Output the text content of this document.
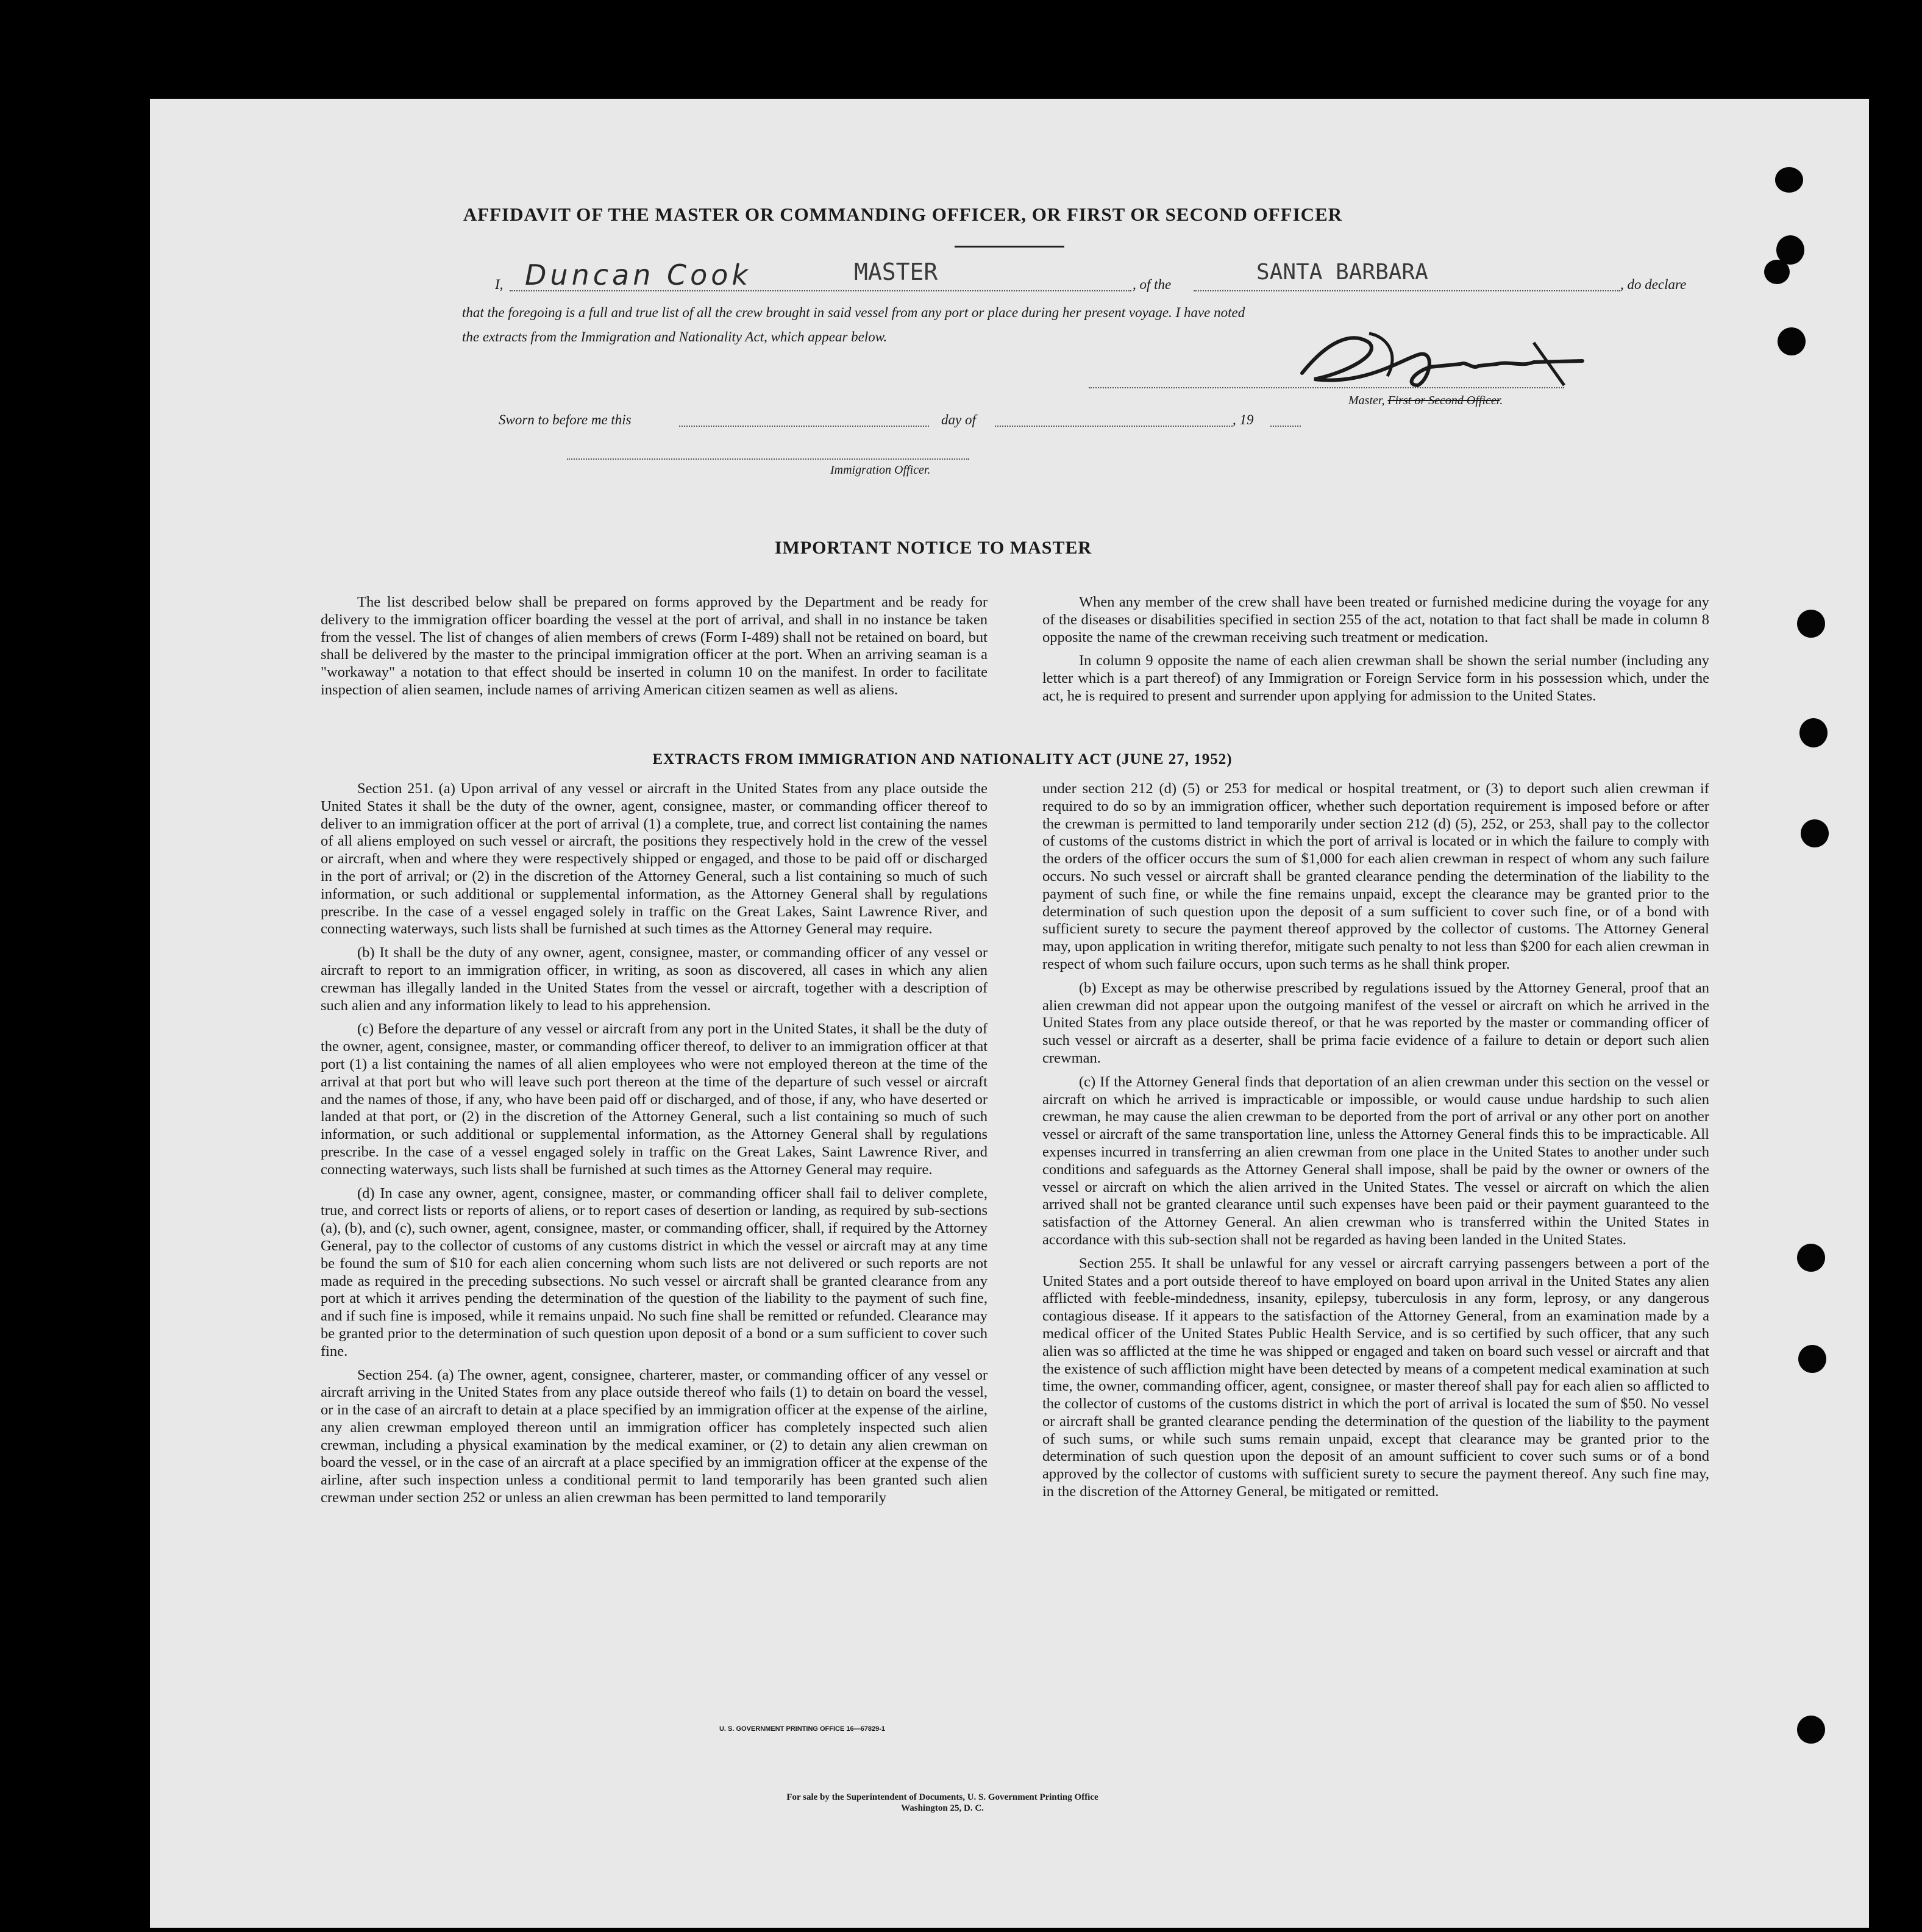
AFFIDAVIT OF THE MASTER OR COMMANDING OFFICER, OR FIRST OR SECOND OFFICER
I, Duncan Cook	MASTER	, of the	SANTA BARBARA	, do declare
that the foregoing is a full and true list of all the crew brought in said vessel from any port or place during her present voyage. I have noted
the extracts from the Immigration and Nationality Act, which appear below.
Master, First or Second Officer.
Sworn to before me this	day of	, 19
Immigration Officer.
IMPORTANT NOTICE TO MASTER

The list described below shall be prepared on forms approved by the Department and be ready for delivery to the immigration officer boarding the vessel at the port of arrival, and shall in no instance be taken from the vessel. The list of changes of alien members of crews (Form I-489) shall not be retained on board, but shall be delivered by the master to the principal immigration officer at the port. When an arriving seaman is a "workaway" a notation to that effect should be inserted in column 10 on the manifest. In order to facilitate inspection of alien seamen, include names of arriving American citizen seamen as well as aliens.

When any member of the crew shall have been treated or furnished medicine during the voyage for any of the diseases or disabilities specified in section 255 of the act, notation to that fact shall be made in column 8 opposite the name of the crewman receiving such treatment or medication.

In column 9 opposite the name of each alien crewman shall be shown the serial number (including any letter which is a part thereof) of any Immigration or Foreign Service form in his possession which, under the act, he is required to present and surrender upon applying for admission to the United States.

EXTRACTS FROM IMMIGRATION AND NATIONALITY ACT (JUNE 27, 1952)

Section 251. (a) Upon arrival of any vessel or aircraft in the United States from any place outside the United States it shall be the duty of the owner, agent, consignee, master, or commanding officer thereof to deliver to an immigration officer at the port of arrival (1) a complete, true, and correct list containing the names of all aliens employed on such vessel or aircraft, the positions they respectively hold in the crew of the vessel or aircraft, when and where they were respectively shipped or engaged, and those to be paid off or discharged in the port of arrival; or (2) in the discretion of the Attorney General, such a list containing so much of such information, or such additional or supplemental information, as the Attorney General shall by regulations prescribe. In the case of a vessel engaged solely in traffic on the Great Lakes, Saint Lawrence River, and connecting waterways, such lists shall be furnished at such times as the Attorney General may require.

(b) It shall be the duty of any owner, agent, consignee, master, or commanding officer of any vessel or aircraft to report to an immigration officer, in writing, as soon as discovered, all cases in which any alien crewman has illegally landed in the United States from the vessel or aircraft, together with a description of such alien and any information likely to lead to his apprehension.

(c) Before the departure of any vessel or aircraft from any port in the United States, it shall be the duty of the owner, agent, consignee, master, or commanding officer thereof, to deliver to an immigration officer at that port (1) a list containing the names of all alien employees who were not employed thereon at the time of the arrival at that port but who will leave such port thereon at the time of the departure of such vessel or aircraft and the names of those, if any, who have been paid off or discharged, and of those, if any, who have deserted or landed at that port, or (2) in the discretion of the Attorney General, such a list containing so much of such information, or such additional or supplemental information, as the Attorney General shall by regulations prescribe. In the case of a vessel engaged solely in traffic on the Great Lakes, Saint Lawrence River, and connecting waterways, such lists shall be furnished at such times as the Attorney General may require.

(d) In case any owner, agent, consignee, master, or commanding officer shall fail to deliver complete, true, and correct lists or reports of aliens, or to report cases of desertion or landing, as required by sub-sections (a), (b), and (c), such owner, agent, consignee, master, or commanding officer, shall, if required by the Attorney General, pay to the collector of customs of any customs district in which the vessel or aircraft may at any time be found the sum of $10 for each alien concerning whom such lists are not delivered or such reports are not made as required in the preceding subsections. No such vessel or aircraft shall be granted clearance from any port at which it arrives pending the determination of the question of the liability to the payment of such fine, and if such fine is imposed, while it remains unpaid. No such fine shall be remitted or refunded. Clearance may be granted prior to the determination of such question upon deposit of a bond or a sum sufficient to cover such fine.

Section 254. (a) The owner, agent, consignee, charterer, master, or commanding officer of any vessel or aircraft arriving in the United States from any place outside thereof who fails (1) to detain on board the vessel, or in the case of an aircraft to detain at a place specified by an immigration officer at the expense of the airline, any alien crewman employed thereon until an immigration officer has completely inspected such alien crewman, including a physical examination by the medical examiner, or (2) to detain any alien crewman on board the vessel, or in the case of an aircraft at a place specified by an immigration officer at the expense of the airline, after such inspection unless a conditional permit to land temporarily has been granted such alien crewman under section 252 or unless an alien crewman has been permitted to land temporarily

under section 212 (d) (5) or 253 for medical or hospital treatment, or (3) to deport such alien crewman if required to do so by an immigration officer, whether such deportation requirement is imposed before or after the crewman is permitted to land temporarily under section 212 (d) (5), 252, or 253, shall pay to the collector of customs of the customs district in which the port of arrival is located or in which the failure to comply with the orders of the officer occurs the sum of $1,000 for each alien crewman in respect of whom any such failure occurs. No such vessel or aircraft shall be granted clearance pending the determination of the liability to the payment of such fine, or while the fine remains unpaid, except the clearance may be granted prior to the determination of such question upon the deposit of a sum sufficient to cover such fine, or of a bond with sufficient surety to secure the payment thereof approved by the collector of customs. The Attorney General may, upon application in writing therefor, mitigate such penalty to not less than $200 for each alien crewman in respect of whom such failure occurs, upon such terms as he shall think proper.

(b) Except as may be otherwise prescribed by regulations issued by the Attorney General, proof that an alien crewman did not appear upon the outgoing manifest of the vessel or aircraft on which he arrived in the United States from any place outside thereof, or that he was reported by the master or commanding officer of such vessel or aircraft as a deserter, shall be prima facie evidence of a failure to detain or deport such alien crewman.

(c) If the Attorney General finds that deportation of an alien crewman under this section on the vessel or aircraft on which he arrived is impracticable or impossible, or would cause undue hardship to such alien crewman, he may cause the alien crewman to be deported from the port of arrival or any other port on another vessel or aircraft of the same transportation line, unless the Attorney General finds this to be impracticable. All expenses incurred in transferring an alien crewman from one place in the United States to another under such conditions and safeguards as the Attorney General shall impose, shall be paid by the owner or owners of the vessel or aircraft on which the alien arrived in the United States. The vessel or aircraft on which the alien arrived shall not be granted clearance until such expenses have been paid or their payment guaranteed to the satisfaction of the Attorney General. An alien crewman who is transferred within the United States in accordance with this sub-section shall not be regarded as having been landed in the United States.

Section 255. It shall be unlawful for any vessel or aircraft carrying passengers between a port of the United States and a port outside thereof to have employed on board upon arrival in the United States any alien afflicted with feeble-mindedness, insanity, epilepsy, tuberculosis in any form, leprosy, or any dangerous contagious disease. If it appears to the satisfaction of the Attorney General, from an examination made by a medical officer of the United States Public Health Service, and is so certified by such officer, that any such alien was so afflicted at the time he was shipped or engaged and taken on board such vessel or aircraft and that the existence of such affliction might have been detected by means of a competent medical examination at such time, the owner, commanding officer, agent, consignee, or master thereof shall pay for each alien so afflicted to the collector of customs of the customs district in which the port of arrival is located the sum of $50. No vessel or aircraft shall be granted clearance pending the determination of the question of the liability to the payment of such sums, or while such sums remain unpaid, except that clearance may be granted prior to the determination of such question upon the deposit of an amount sufficient to cover such sums or of a bond approved by the collector of customs with sufficient surety to secure the payment thereof. Any such fine may, in the discretion of the Attorney General, be mitigated or remitted.

U. S. GOVERNMENT PRINTING OFFICE 16—67829-1
For sale by the Superintendent of Documents, U. S. Government Printing Office
Washington 25, D. C.
